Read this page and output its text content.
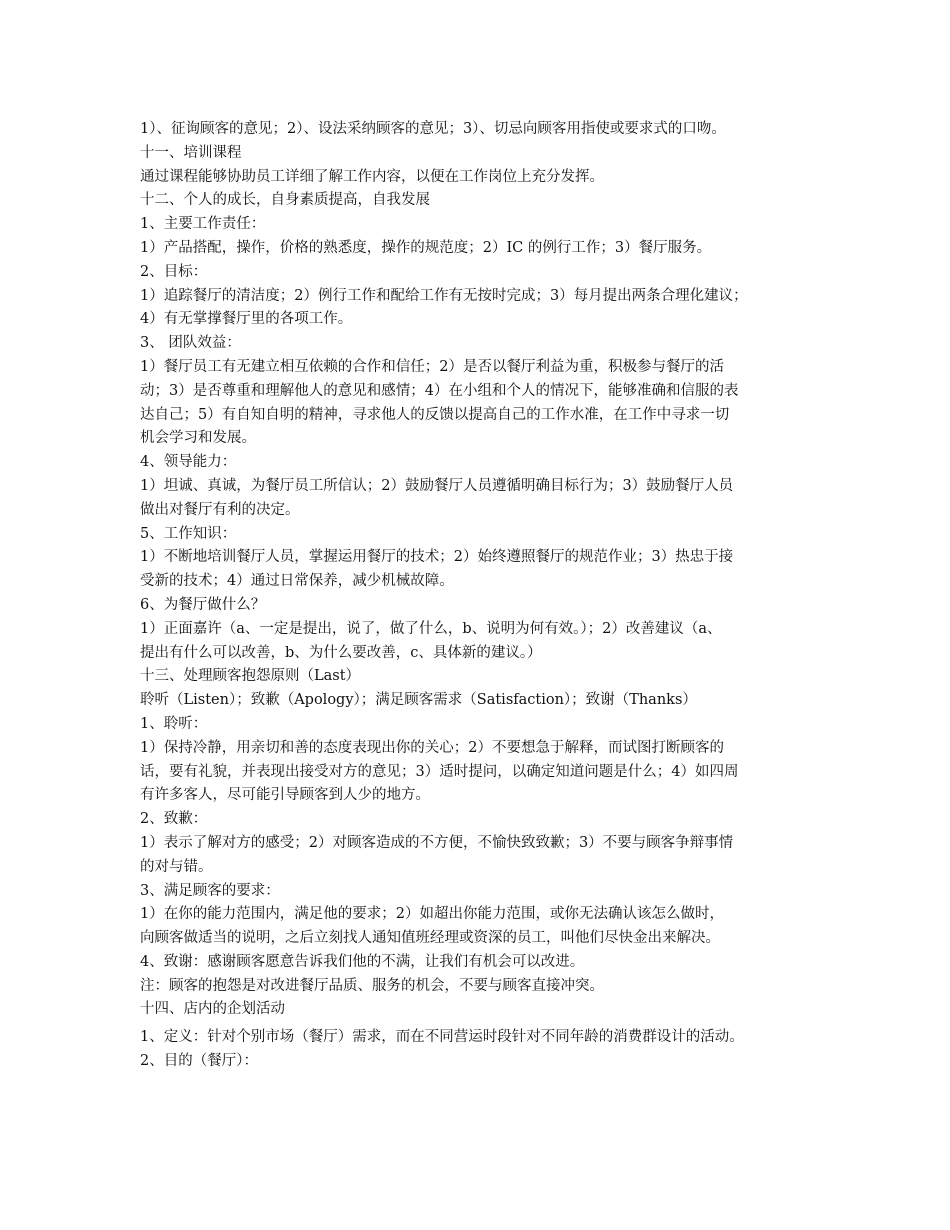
1）、征询顾客的意见；2）、设法采纳顾客的意见；3）、切忌向顾客用指使或要求式的口吻。
十一、培训课程
通过课程能够协助员工详细了解工作内容，以便在工作岗位上充分发挥。
十二、个人的成长，自身素质提高，自我发展
1、主要工作责任：
1）产品搭配，操作，价格的熟悉度，操作的规范度；2）IC 的例行工作；3）餐厅服务。
2、目标：
1）追踪餐厅的清洁度；2）例行工作和配给工作有无按时完成；3）每月提出两条合理化建议；
4）有无掌撑餐厅里的各项工作。
3、 团队效益：
1）餐厅员工有无建立相互依赖的合作和信任；2）是否以餐厅利益为重，积极参与餐厅的活
动；3）是否尊重和理解他人的意见和感情；4）在小组和个人的情况下，能够准确和信服的表
达自己；5）有自知自明的精神，寻求他人的反馈以提高自己的工作水准，在工作中寻求一切
机会学习和发展。
4、领导能力：
1）坦诚、真诚，为餐厅员工所信认；2）鼓励餐厅人员遵循明确目标行为；3）鼓励餐厅人员
做出对餐厅有利的决定。
5、工作知识：
1）不断地培训餐厅人员，掌握运用餐厅的技术；2）始终遵照餐厅的规范作业；3）热忠于接
受新的技术；4）通过日常保养，减少机械故障。
6、为餐厅做什么？
1）正面嘉许（a、一定是提出，说了，做了什么，b、说明为何有效。）；2）改善建议（a、
提出有什么可以改善，b、为什么要改善，c、具体新的建议。）
十三、处理顾客抱怨原则（Last）
聆听（Listen）；致歉（Apology）；满足顾客需求（Satisfaction）；致谢（Thanks）
1、聆听：
1）保持冷静，用亲切和善的态度表现出你的关心；2）不要想急于解释，而试图打断顾客的
话，要有礼貌，并表现出接受对方的意见；3）适时提问，以确定知道问题是什么；4）如四周
有许多客人，尽可能引导顾客到人少的地方。
2、致歉：
1）表示了解对方的感受；2）对顾客造成的不方便，不愉快致致歉；3）不要与顾客争辩事情
的对与错。
3、满足顾客的要求：
1）在你的能力范围内，满足他的要求；2）如超出你能力范围，或你无法确认该怎么做时，
向顾客做适当的说明，之后立刻找人通知值班经理或资深的员工，叫他们尽快金出来解决。
4、致谢：感谢顾客愿意告诉我们他的不满，让我们有机会可以改进。
注：顾客的抱怨是对改进餐厅品质、服务的机会，不要与顾客直接冲突。
十四、店内的企划活动
1、定义：针对个别市场（餐厅）需求，而在不同营运时段针对不同年龄的消费群设计的活动。
2、目的（餐厅）：
